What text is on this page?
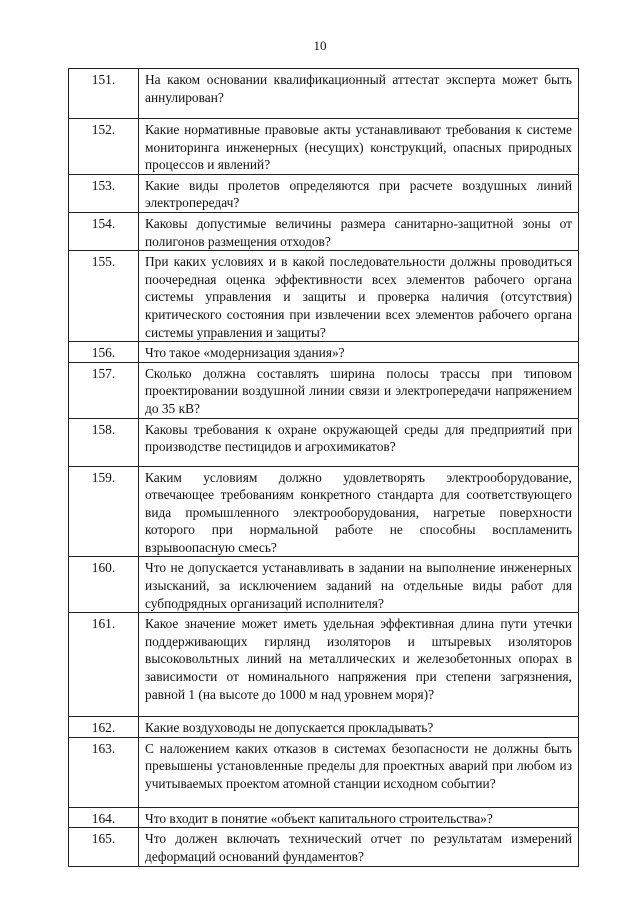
10
151.	На каком основании квалификационный аттестат эксперта может быть аннулирован?
152.	Какие нормативные правовые акты устанавливают требования к системе мониторинга инженерных (несущих) конструкций, опасных природных процессов и явлений?
153.	Какие виды пролетов определяются при расчете воздушных линий электропередач?
154.	Каковы допустимые величины размера санитарно-защитной зоны от полигонов размещения отходов?
155.	При каких условиях и в какой последовательности должны проводиться поочередная оценка эффективности всех элементов рабочего органа системы управления и защиты и проверка наличия (отсутствия) критического состояния при извлечении всех элементов рабочего органа системы управления и защиты?
156.	Что такое «модернизация здания»?
157.	Сколько должна составлять ширина полосы трассы при типовом проектировании воздушной линии связи и электропередачи напряжением до 35 кВ?
158.	Каковы требования к охране окружающей среды для предприятий при производстве пестицидов и агрохимикатов?
159.	Каким условиям должно удовлетворять электрооборудование, отвечающее требованиям конкретного стандарта для соответствующего вида промышленного электрооборудования, нагретые поверхности которого при нормальной работе не способны воспламенить взрывоопасную смесь?
160.	Что не допускается устанавливать в задании на выполнение инженерных изысканий, за исключением заданий на отдельные виды работ для субподрядных организаций исполнителя?
161.	Какое значение может иметь удельная эффективная длина пути утечки поддерживающих гирлянд изоляторов и штыревых изоляторов высоковольтных линий на металлических и железобетонных опорах в зависимости от номинального напряжения при степени загрязнения, равной 1 (на высоте до 1000 м над уровнем моря)?
162.	Какие воздуховоды не допускается прокладывать?
163.	С наложением каких отказов в системах безопасности не должны быть превышены установленные пределы для проектных аварий при любом из учитываемых проектом атомной станции исходном событии?
164.	Что входит в понятие «объект капитального строительства»?
165.	Что должен включать технический отчет по результатам измерений деформаций оснований фундаментов?
